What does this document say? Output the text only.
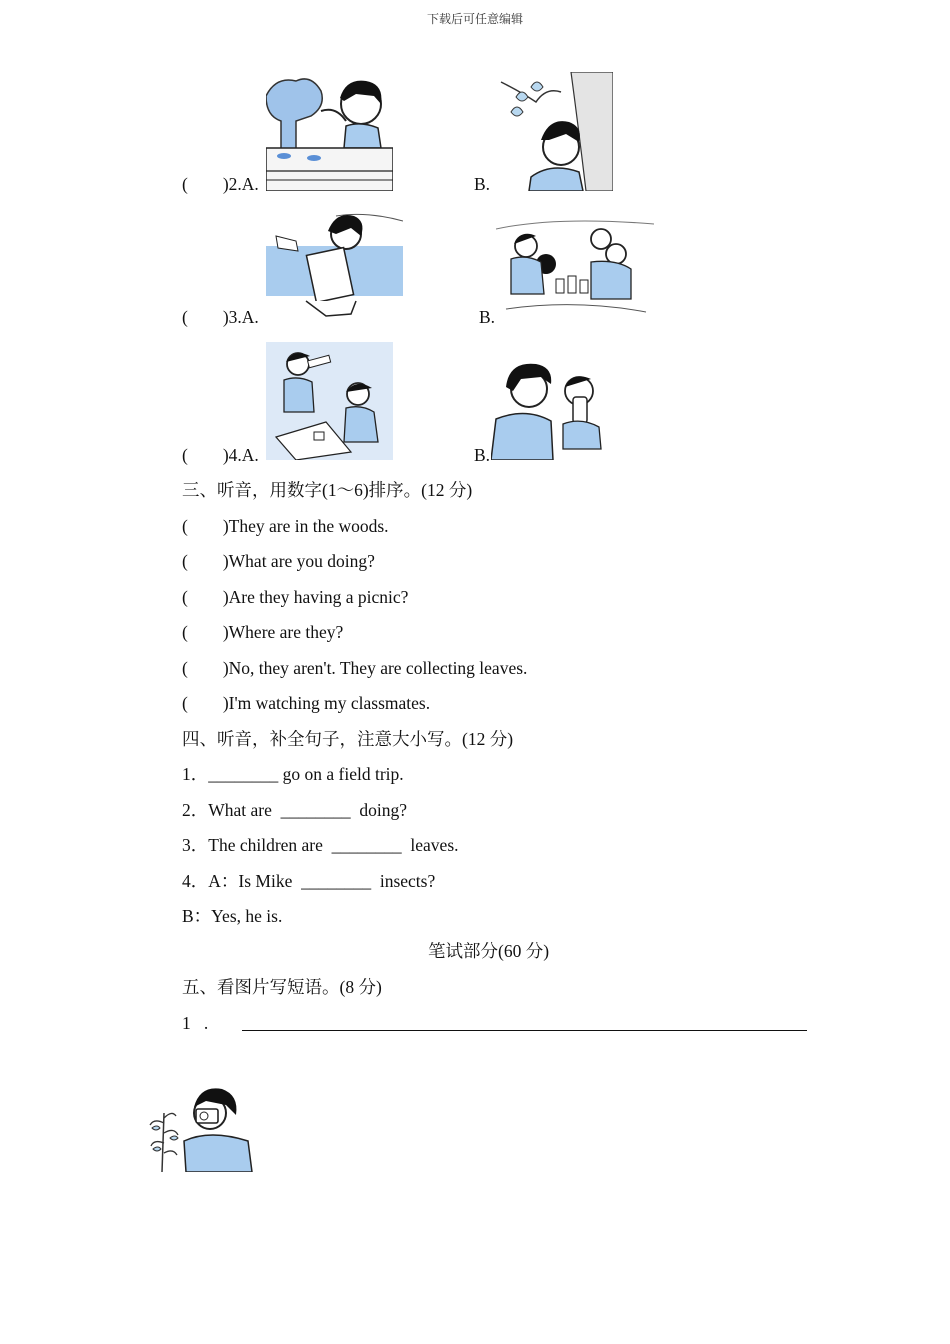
下载后可任意编辑
(        )2.A.	B.
(        )3.A.	B.
(        )4.A.	B.
三、听音，用数字(1～6)排序。(12 分)
(        )They are in the woods.
(        )What are you doing?
(        )Are they having a picnic?
(        )Where are they?
(        )No, they aren't. They are collecting leaves.
(        )I'm watching my classmates.
四、听音，补全句子，注意大小写。(12 分)
1．________ go on a field trip.
2．What are  ________  doing?
3．The children are  ________  leaves.
4．A：Is Mike  ________  insects?
B：Yes, he is.
笔试部分(60 分)
五、看图片写短语。(8 分)
1   .
